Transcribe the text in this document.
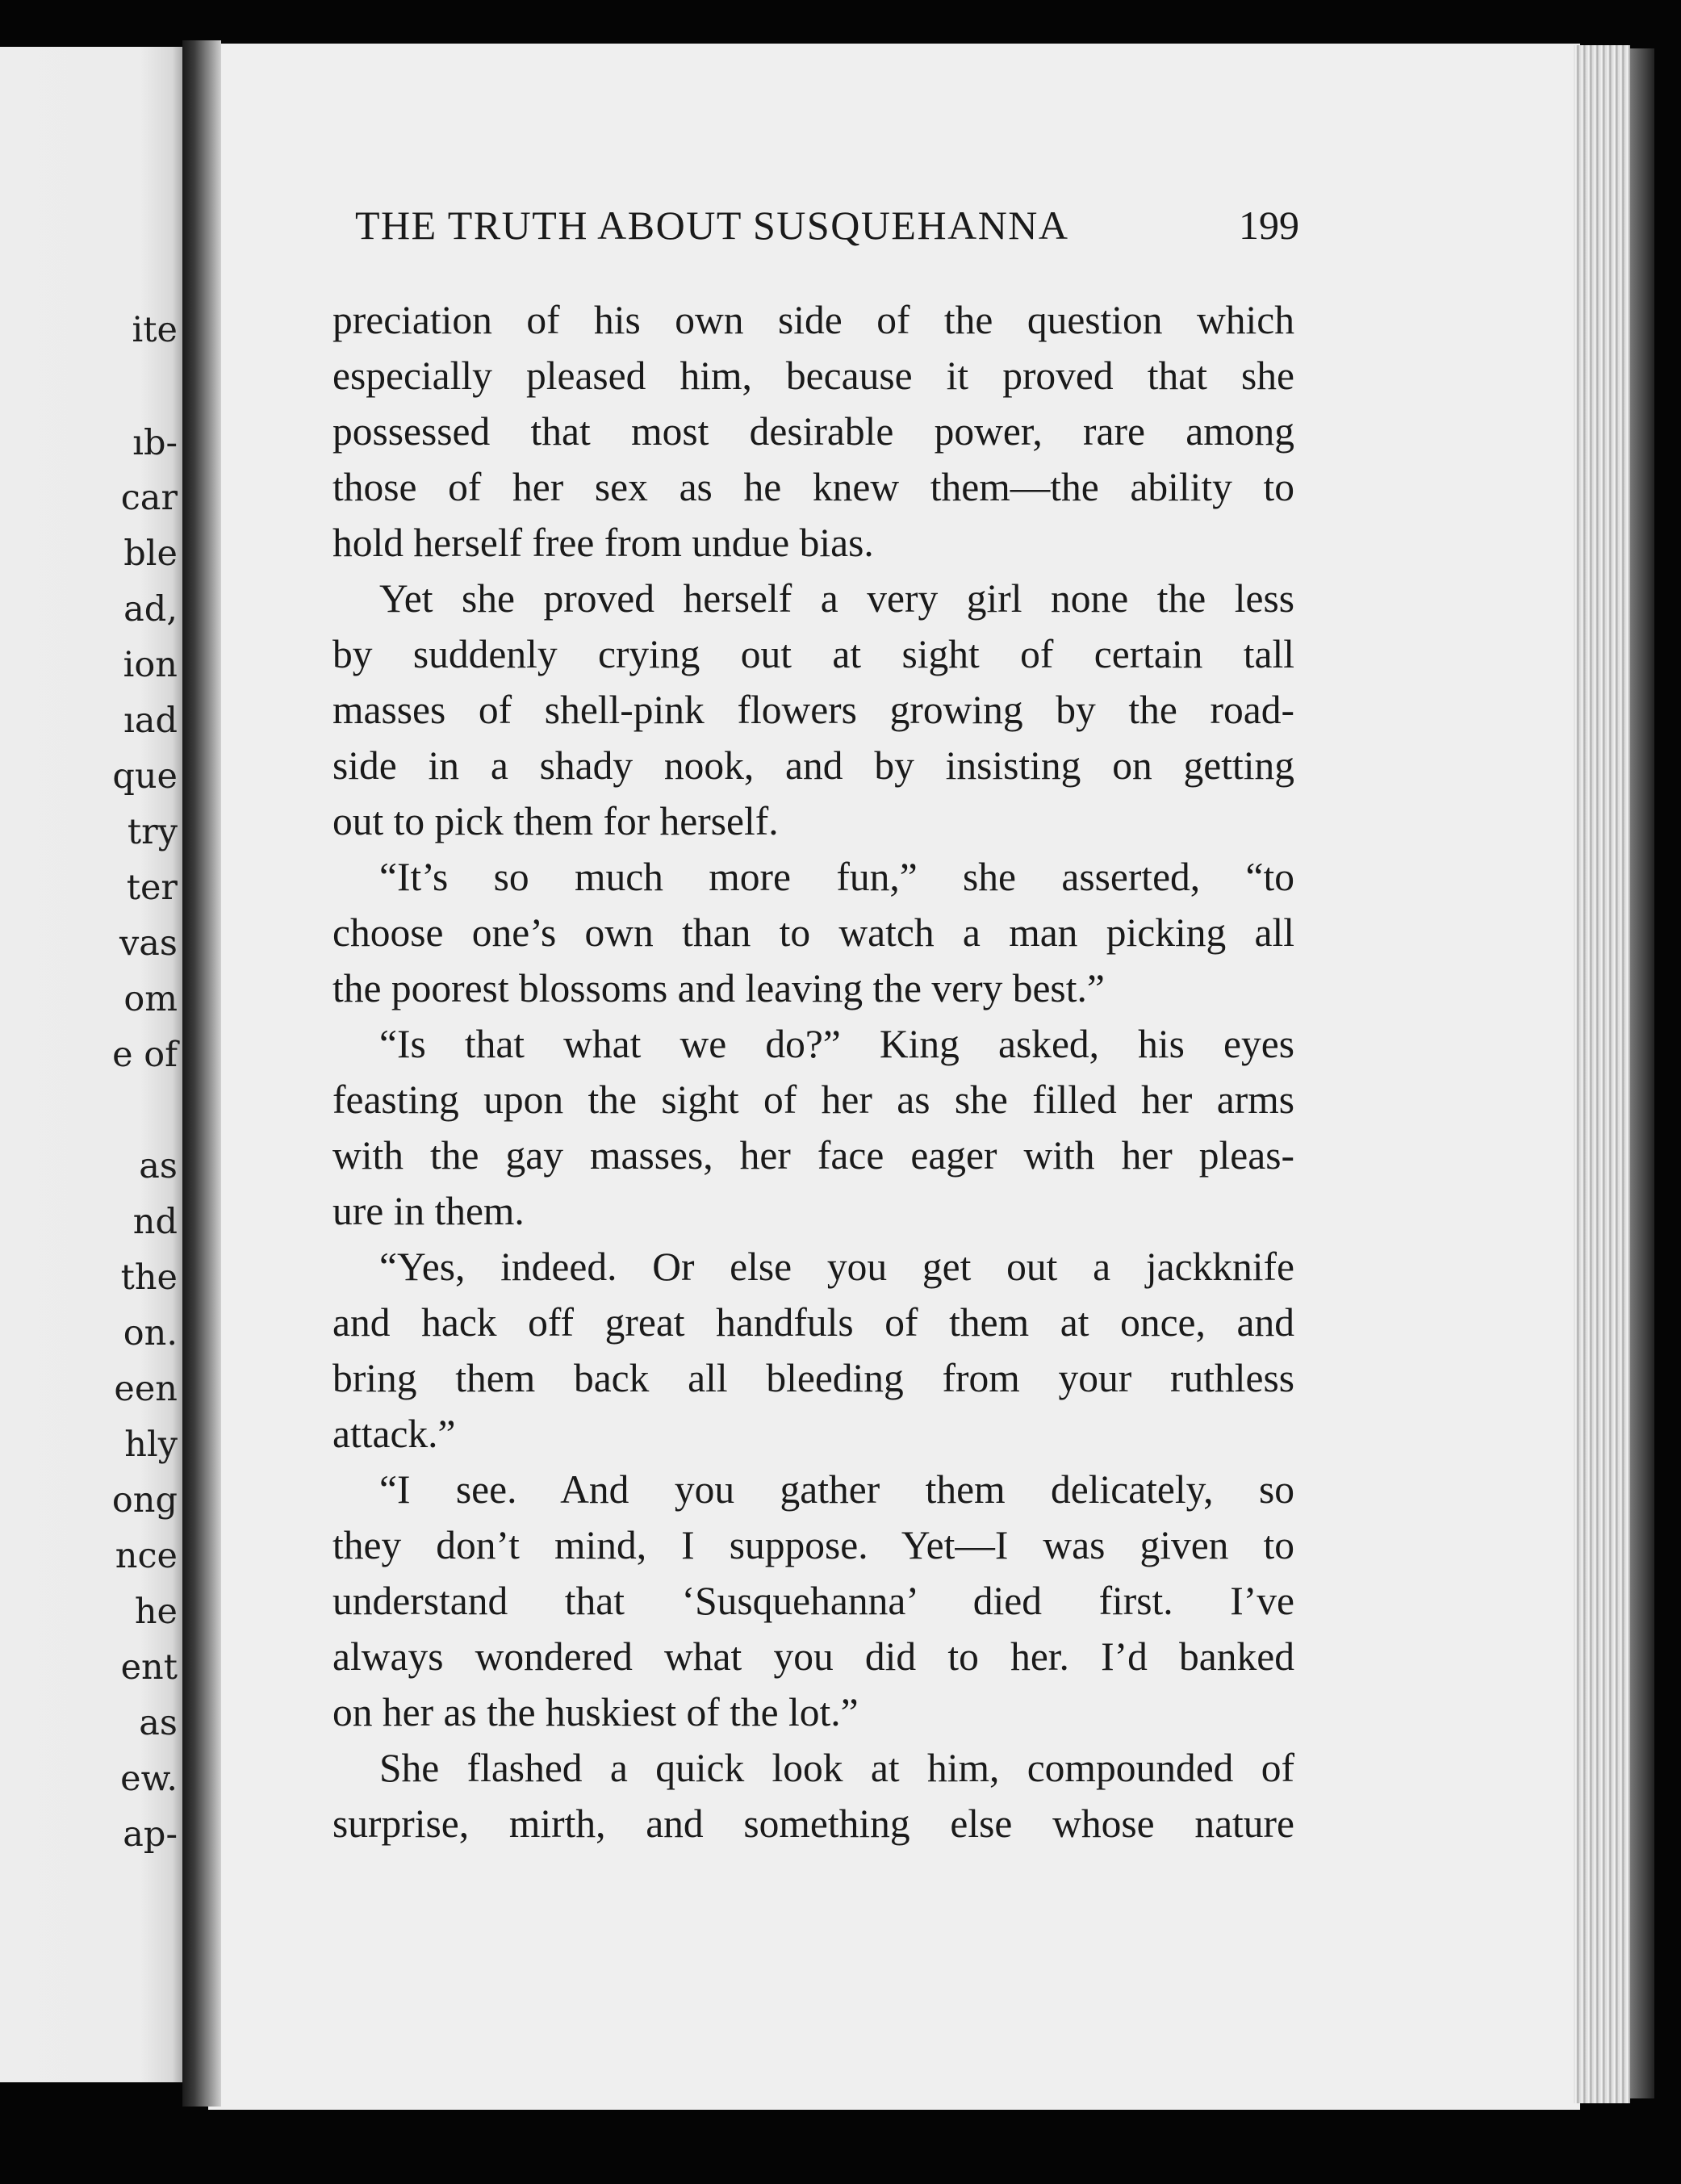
ite
ıb-
car
ble
ad,
ion
ıad
que
try
ter
vas
om
e of
as
nd
the
on.
een
hly
ong
nce
he
ent
as
ew.
ap-
THE TRUTH ABOUT SUSQUEHANNA	199
preciation of his own side of the question which
especially pleased him, because it proved that she
possessed that most desirable power, rare among
those of her sex as he knew them—the ability to
hold herself free from undue bias.
Yet she proved herself a very girl none the less
by suddenly crying out at sight of certain tall
masses of shell-pink flowers growing by the road-
side in a shady nook, and by insisting on getting
out to pick them for herself.
“It’s so much more fun,” she asserted, “to
choose one’s own than to watch a man picking all
the poorest blossoms and leaving the very best.”
“Is that what we do?” King asked, his eyes
feasting upon the sight of her as she filled her arms
with the gay masses, her face eager with her pleas-
ure in them.
“Yes, indeed. Or else you get out a jackknife
and hack off great handfuls of them at once, and
bring them back all bleeding from your ruthless
attack.”
“I see. And you gather them delicately, so
they don’t mind, I suppose. Yet—I was given to
understand that ‘Susquehanna’ died first. I’ve
always wondered what you did to her. I’d banked
on her as the huskiest of the lot.”
She flashed a quick look at him, compounded of
surprise, mirth, and something else whose nature
